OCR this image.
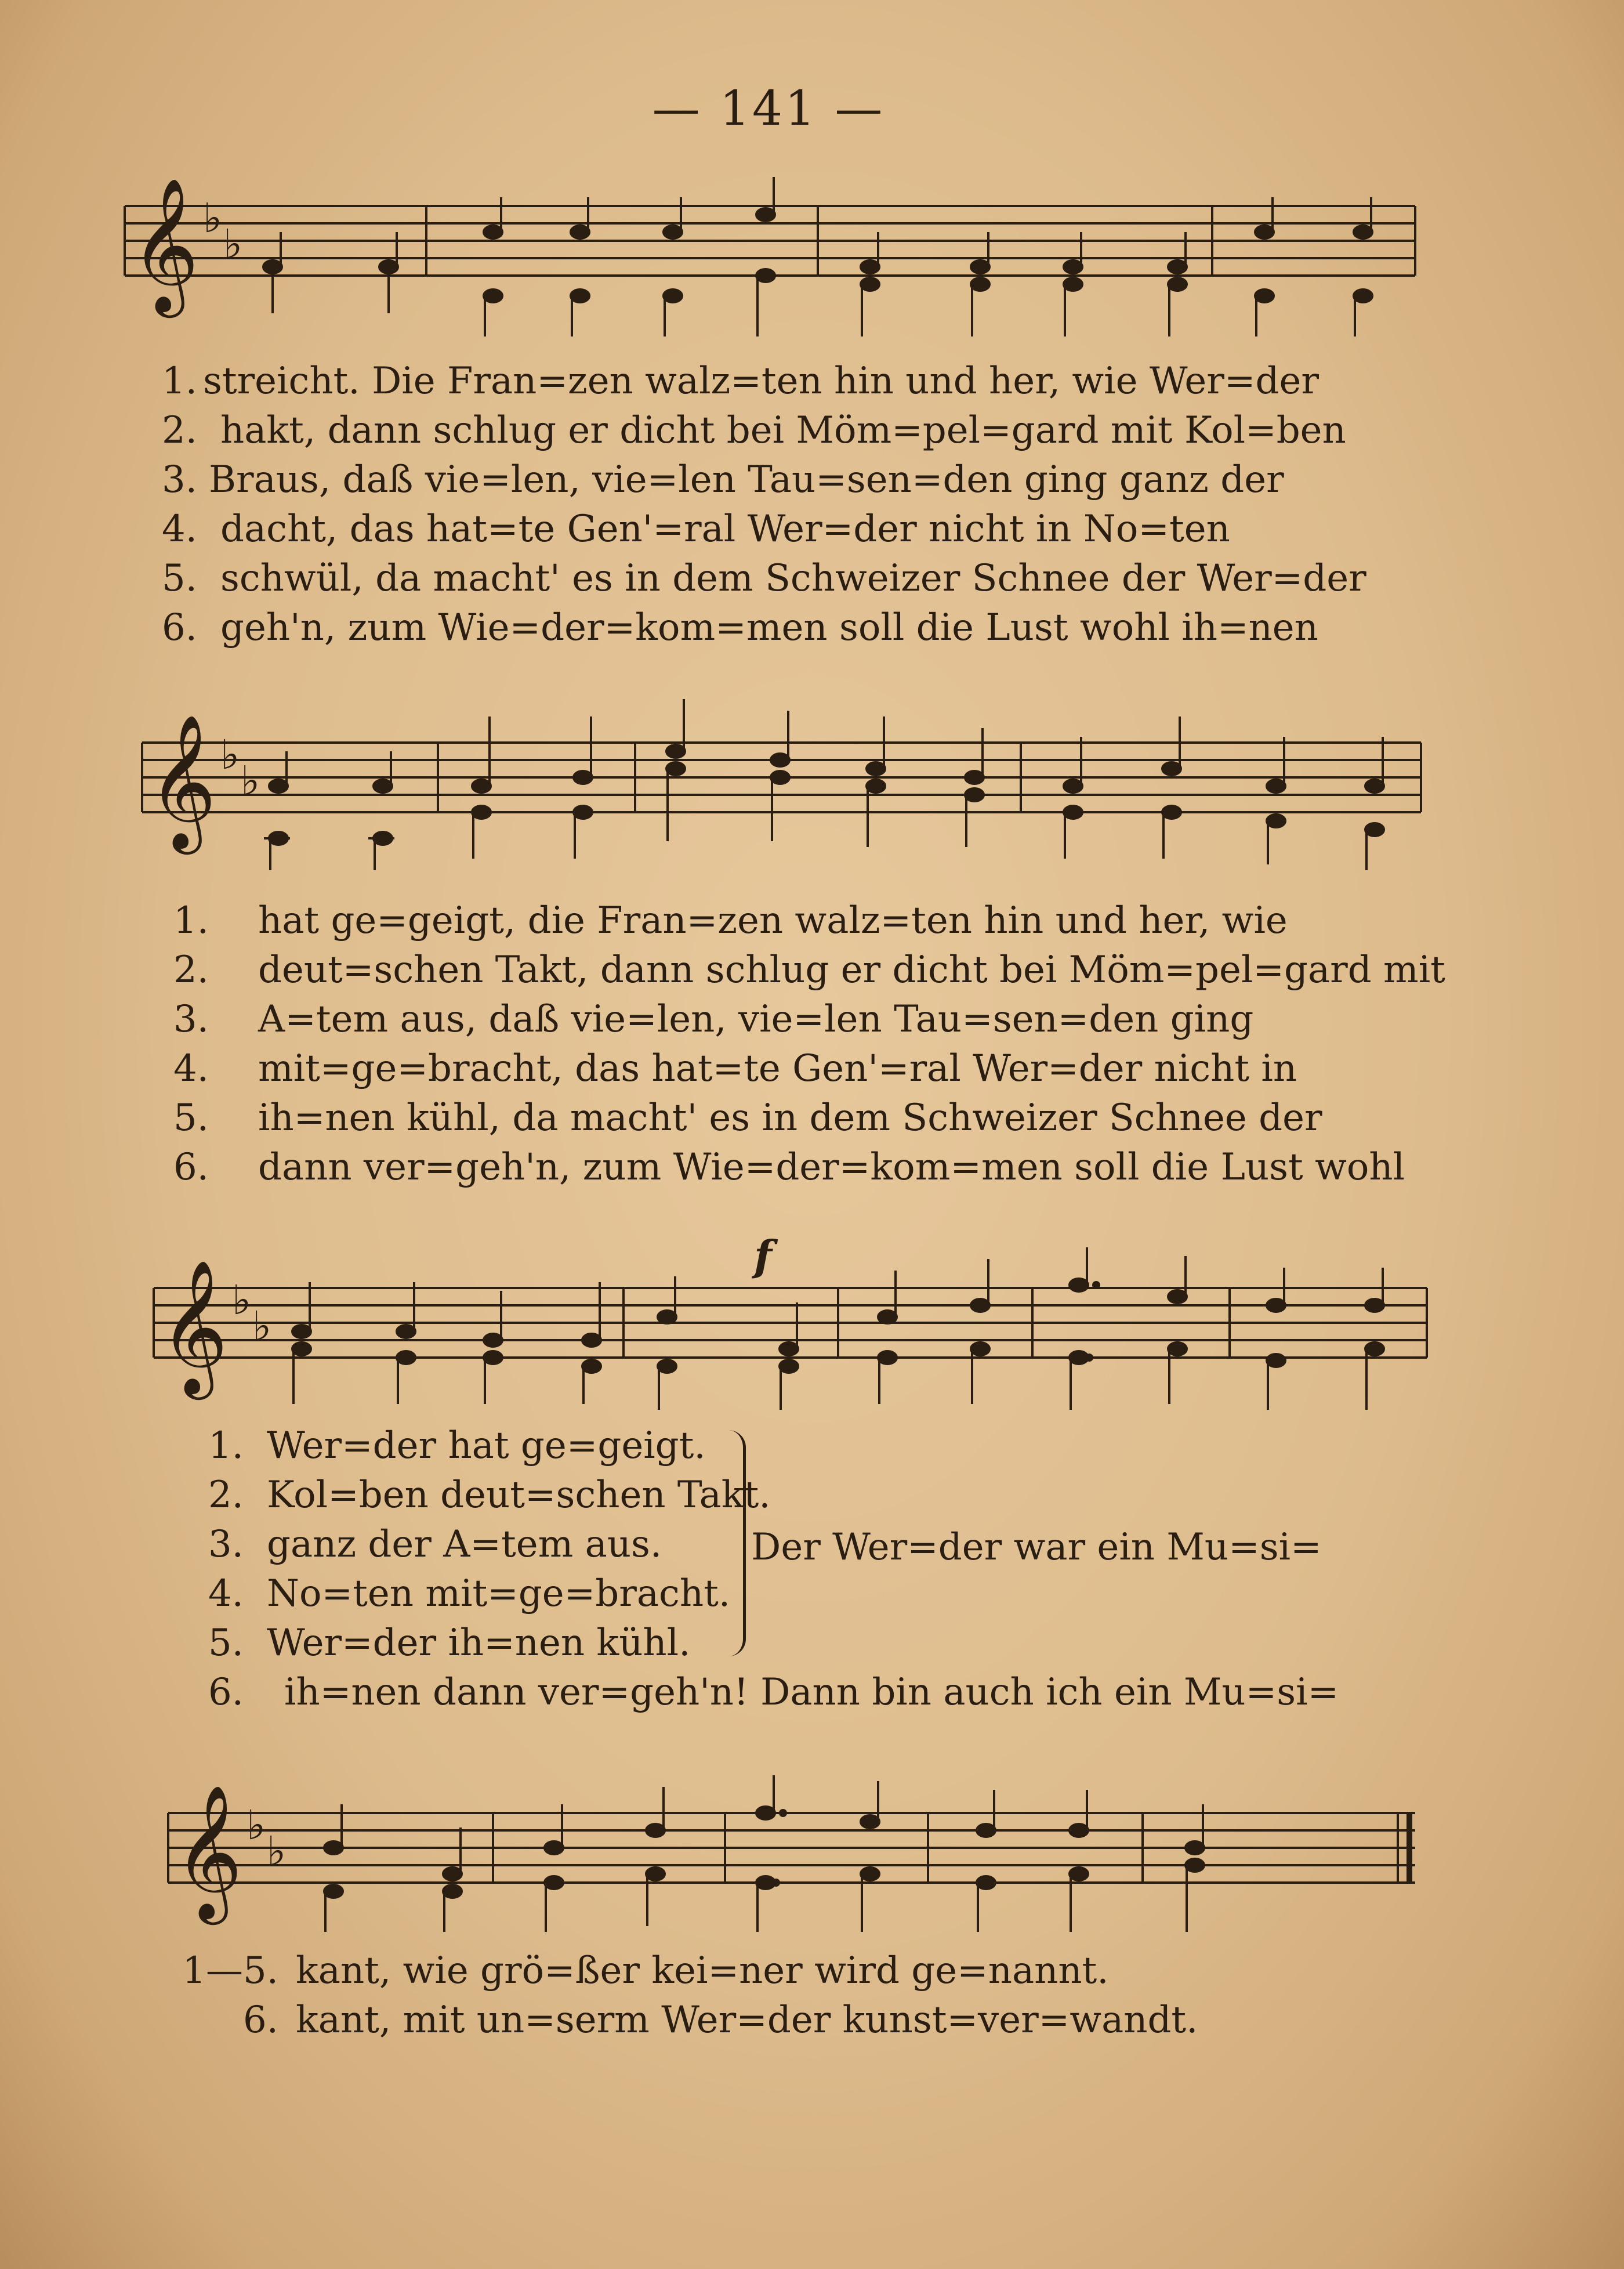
— 141 —
𝄞 ♭
♭
1. streicht. Die Fran=zen walz=ten hin und her, wie Wer=der
2. hakt, dann schlug er dicht bei Möm=pel=gard mit Kol=ben
3. Braus, daß vie=len, vie=len Tau=sen=den ging ganz der
4. dacht, das hat=te Gen'=ral Wer=der nicht in No=ten
5. schwül, da macht' es in dem Schweizer Schnee der Wer=der
6. geh'n, zum Wie=der=kom=men soll die Lust wohl ih=nen
𝄞 ♭
♭
1. hat ge=geigt, die Fran=zen walz=ten hin und her, wie
2. deut=schen Takt, dann schlug er dicht bei Möm=pel=gard mit
3. A=tem aus, daß vie=len, vie=len Tau=sen=den ging
4. mit=ge=bracht, das hat=te Gen'=ral Wer=der nicht in
5. ih=nen kühl, da macht' es in dem Schweizer Schnee der
6. dann ver=geh'n, zum Wie=der=kom=men soll die Lust wohl
𝄞 ♭
♭
f
1. Wer=der hat ge=geigt.
2. Kol=ben deut=schen Takt.
3. ganz der A=tem aus.
4. No=ten mit=ge=bracht.
5. Wer=der ih=nen kühl.
6. ih=nen dann ver=geh'n! Dann bin auch ich ein Mu=si=
Der Wer=der war ein Mu=si=
𝄞 ♭
♭
1—5. kant, wie grö=ßer kei=ner wird ge=nannt.
6. kant, mit un=serm Wer=der kunst=ver=wandt.
